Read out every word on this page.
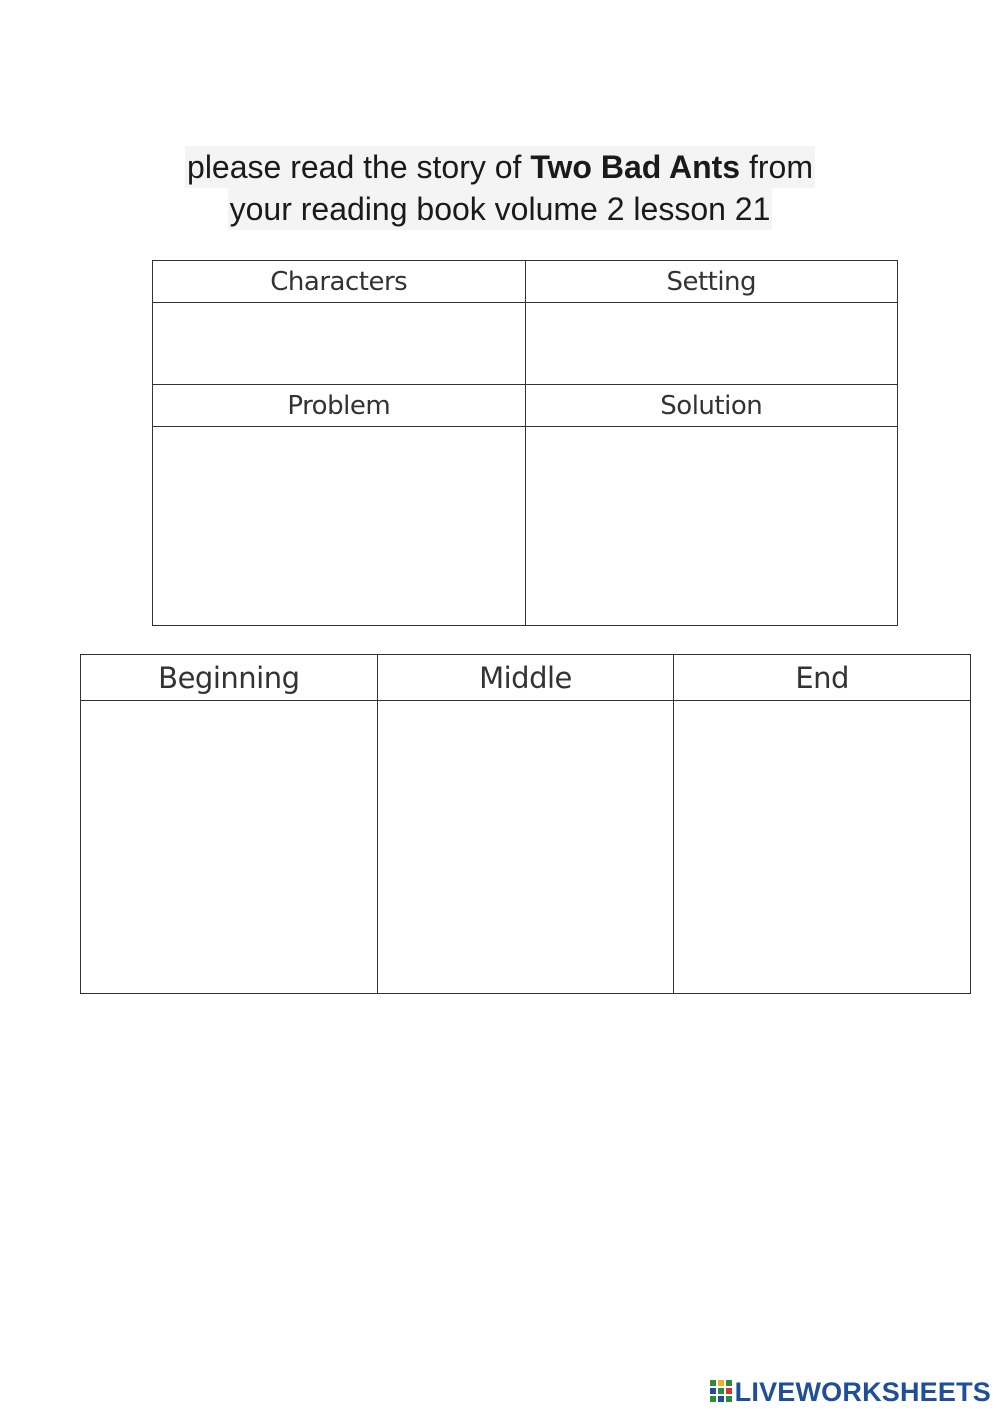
please read the story of Two Bad Ants from
your reading book volume 2 lesson 21
Characters	Setting

Problem	Solution

Beginning	Middle	End

LIVEWORKSHEETS
